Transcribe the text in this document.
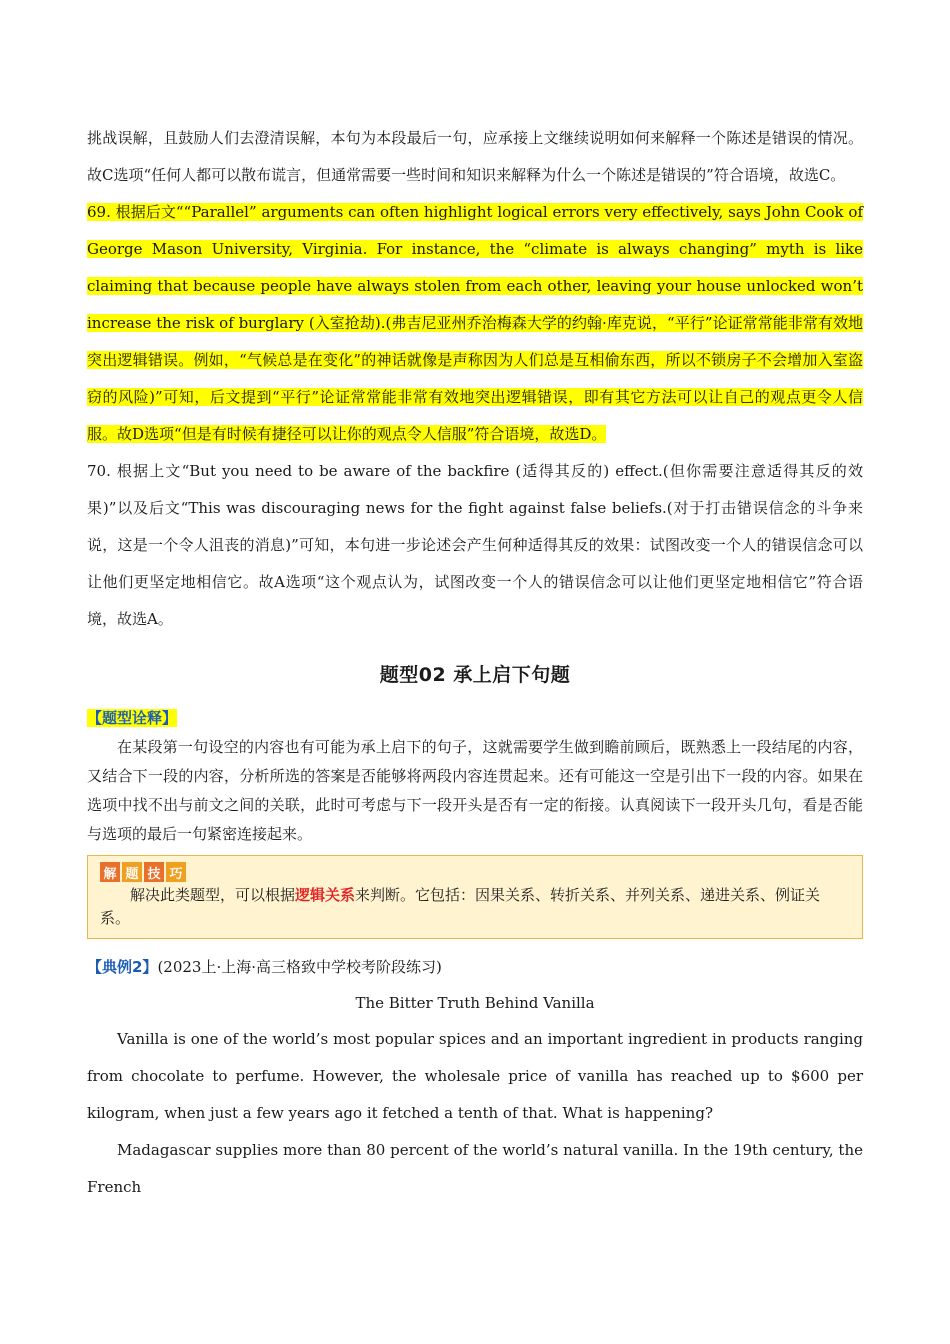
挑战误解，且鼓励人们去澄清误解，本句为本段最后一句，应承接上文继续说明如何来解释一个陈述是错误的情况。故C选项“任何人都可以散布谎言，但通常需要一些时间和知识来解释为什么一个陈述是错误的”符合语境，故选C。

69. 根据后文““Parallel” arguments can often highlight logical errors very effectively, says John Cook of George Mason University, Virginia. For instance, the “climate is always changing” myth is like claiming that because people have always stolen from each other, leaving your house unlocked won’t increase the risk of burglary (入室抢劫).(弗吉尼亚州乔治梅森大学的约翰·库克说，“平行”论证常常能非常有效地突出逻辑错误。例如，“气候总是在变化”的神话就像是声称因为人们总是互相偷东西，所以不锁房子不会增加入室盗窃的风险)”可知，后文提到“平行”论证常常能非常有效地突出逻辑错误，即有其它方法可以让自己的观点更令人信服。故D选项“但是有时候有捷径可以让你的观点令人信服”符合语境，故选D。

70. 根据上文“But you need to be aware of the backfire (适得其反的) effect.(但你需要注意适得其反的效果)”以及后文“This was discouraging news for the fight against false beliefs.(对于打击错误信念的斗争来说，这是一个令人沮丧的消息)”可知，本句进一步论述会产生何种适得其反的效果：试图改变一个人的错误信念可以让他们更坚定地相信它。故A选项“这个观点认为，试图改变一个人的错误信念可以让他们更坚定地相信它”符合语境，故选A。

题型02 承上启下句题

【题型诠释】

在某段第一句设空的内容也有可能为承上启下的句子，这就需要学生做到瞻前顾后，既熟悉上一段结尾的内容，又结合下一段的内容，分析所选的答案是否能够将两段内容连贯起来。还有可能这一空是引出下一段的内容。如果在选项中找不出与前文之间的关联，此时可考虑与下一段开头是否有一定的衔接。认真阅读下一段开头几句，看是否能与选项的最后一句紧密连接起来。

解 题 技 巧

解决此类题型，可以根据逻辑关系来判断。它包括：因果关系、转折关系、并列关系、递进关系、例证关系。

【典例2】(2023上·上海·高三格致中学校考阶段练习)

The Bitter Truth Behind Vanilla

Vanilla is one of the world’s most popular spices and an important ingredient in products ranging from chocolate to perfume. However, the wholesale price of vanilla has reached up to $600 per kilogram, when just a few years ago it fetched a tenth of that. What is happening?

Madagascar supplies more than 80 percent of the world’s natural vanilla. In the 19th century, the French
